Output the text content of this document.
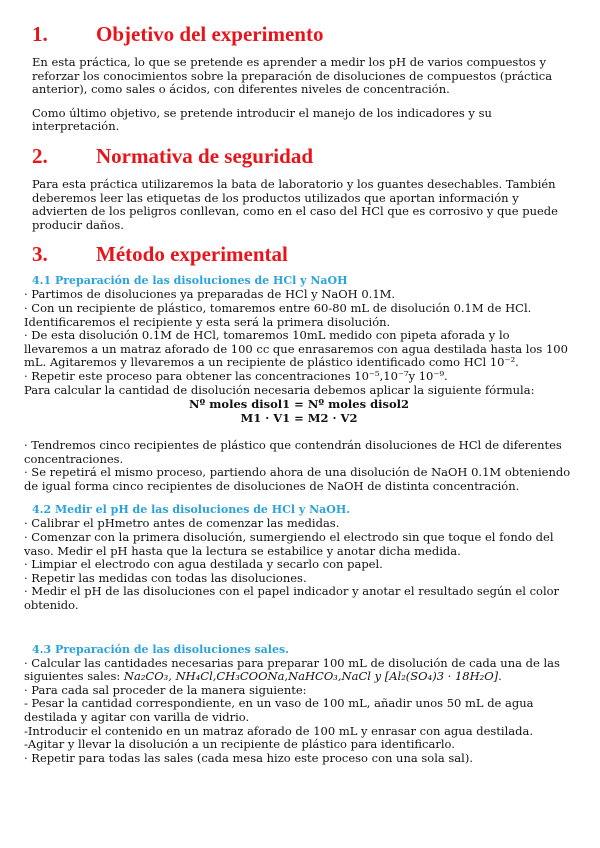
1.	Objetivo del experimento

En esta práctica, lo que se pretende es aprender a medir los pH de varios compuestos y reforzar los conocimientos sobre la preparación de disoluciones de compuestos (práctica anterior), como sales o ácidos, con diferentes niveles de concentración.

Como último objetivo, se pretende introducir el manejo de los indicadores y su interpretación.

2.	Normativa de seguridad

Para esta práctica utilizaremos la bata de laboratorio y los guantes desechables. También deberemos leer las etiquetas de los productos utilizados que aportan información y advierten de los peligros conllevan, como en el caso del HCl que es corrosivo y que puede producir daños.

3.	Método experimental

4.1 Preparación de las disoluciones de HCl y NaOH

· Partimos de disoluciones ya preparadas de HCl y NaOH 0.1M.

· Con un recipiente de plástico, tomaremos entre 60-80 mL de disolución 0.1M de HCl. Identificaremos el recipiente y esta será la primera disolución.

· De esta disolución 0.1M de HCl, tomaremos 10mL medido con pipeta aforada y lo llevaremos a un matraz aforado de 100 cc que enrasaremos con agua destilada hasta los 100 mL. Agitaremos y llevaremos a un recipiente de plástico identificado como HCl 10⁻².

· Repetir este proceso para obtener las concentraciones 10⁻⁵,10⁻⁷y 10⁻⁹.

Para calcular la cantidad de disolución necesaria debemos aplicar la siguiente fórmula:

Nº moles disol1 = Nº moles disol2

M1 · V1 = M2 · V2

· Tendremos cinco recipientes de plástico que contendrán disoluciones de HCl de diferentes concentraciones.

· Se repetirá el mismo proceso, partiendo ahora de una disolución de NaOH 0.1M obteniendo de igual forma cinco recipientes de disoluciones de NaOH de distinta concentración.

4.2 Medir el pH de las disoluciones de HCl y NaOH.

· Calibrar el pHmetro antes de comenzar las medidas.

· Comenzar con la primera disolución, sumergiendo el electrodo sin que toque el fondo del vaso. Medir el pH hasta que la lectura se estabilice y anotar dicha medida.

· Limpiar el electrodo con agua destilada y secarlo con papel.

· Repetir las medidas con todas las disoluciones.

· Medir el pH de las disoluciones con el papel indicador y anotar el resultado según el color obtenido.

4.3 Preparación de las disoluciones sales.

· Calcular las cantidades necesarias para preparar 100 mL de disolución de cada una de las siguientes sales: Na₂CO₃, NH₄Cl,CH₃COONa,NaHCO₃,NaCl y [Al₂(SO₄)3 · 18H₂O].

· Para cada sal proceder de la manera siguiente:

- Pesar la cantidad correspondiente, en un vaso de 100 mL, añadir unos 50 mL de agua destilada y agitar con varilla de vidrio.

-Introducir el contenido en un matraz aforado de 100 mL y enrasar con agua destilada.

-Agitar y llevar la disolución a un recipiente de plástico para identificarlo.

· Repetir para todas las sales (cada mesa hizo este proceso con una sola sal).
